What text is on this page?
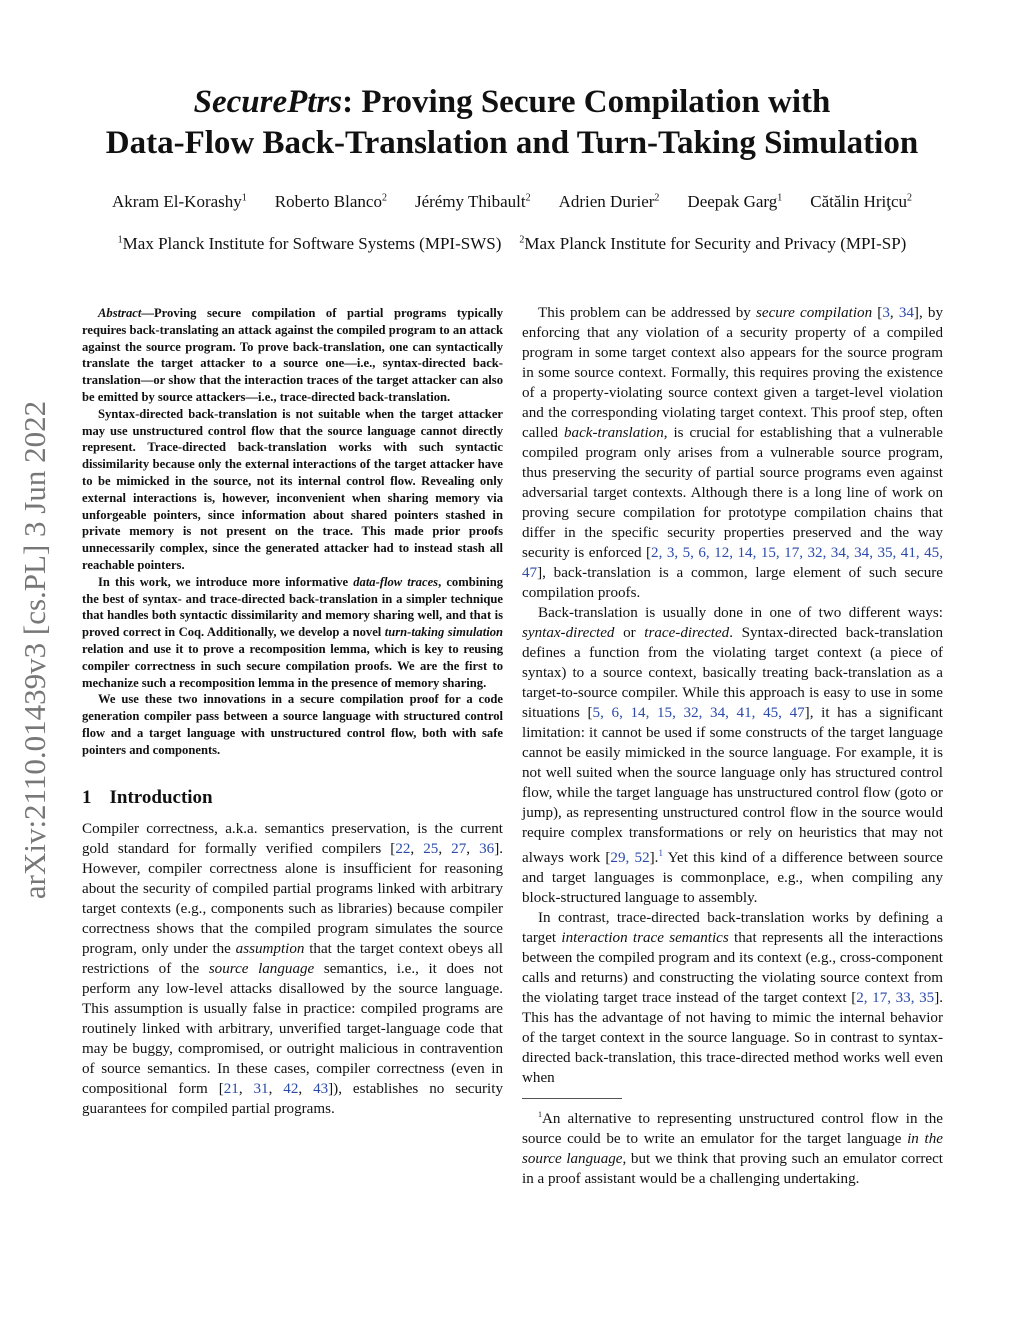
arXiv:2110.01439v3 [cs.PL] 3 Jun 2022
SecurePtrs: Proving Secure Compilation with
Data-Flow Back-Translation and Turn-Taking Simulation
Akram El-Korashy$^1$ Roberto Blanco$^2$ Jérémy Thibault$^2$ Adrien Durier$^2$ Deepak Garg$^1$ Cătălin Hriţcu$^2$
$^1$Max Planck Institute for Software Systems (MPI-SWS) $^2$Max Planck Institute for Security and Privacy (MPI-SP)

Abstract—Proving secure compilation of partial programs typically requires back-translating an attack against the compiled program to an attack against the source program. To prove back-translation, one can syntactically translate the target attacker to a source one—i.e., syntax-directed back-translation—or show that the interaction traces of the target attacker can also be emitted by source attackers—i.e., trace-directed back-translation.

Syntax-directed back-translation is not suitable when the target attacker may use unstructured control flow that the source language cannot directly represent. Trace-directed back-translation works with such syntactic dissimilarity because only the external interactions of the target attacker have to be mimicked in the source, not its internal control flow. Revealing only external interactions is, however, inconvenient when sharing memory via unforgeable pointers, since information about shared pointers stashed in private memory is not present on the trace. This made prior proofs unnecessarily complex, since the generated attacker had to instead stash all reachable pointers.

In this work, we introduce more informative data-flow traces, combining the best of syntax- and trace-directed back-translation in a simpler technique that handles both syntactic dissimilarity and memory sharing well, and that is proved correct in Coq. Additionally, we develop a novel turn-taking simulation relation and use it to prove a recomposition lemma, which is key to reusing compiler correctness in such secure compilation proofs. We are the first to mechanize such a recomposition lemma in the presence of memory sharing.

We use these two innovations in a secure compilation proof for a code generation compiler pass between a source language with structured control flow and a target language with unstructured control flow, both with safe pointers and components.

1 Introduction

Compiler correctness, a.k.a. semantics preservation, is the current gold standard for formally verified compilers [22, 25, 27, 36]. However, compiler correctness alone is insufficient for reasoning about the security of compiled partial programs linked with arbitrary target contexts (e.g., components such as libraries) because compiler correctness shows that the compiled program simulates the source program, only under the assumption that the target context obeys all restrictions of the source language semantics, i.e., it does not perform any low-level attacks disallowed by the source language. This assumption is usually false in practice: compiled programs are routinely linked with arbitrary, unverified target-language code that may be buggy, compromised, or outright malicious in contravention of source semantics. In these cases, compiler correctness (even in compositional form [21, 31, 42, 43]), establishes no security guarantees for compiled partial programs.

This problem can be addressed by secure compilation [3, 34], by enforcing that any violation of a security property of a compiled program in some target context also appears for the source program in some source context. Formally, this requires proving the existence of a property-violating source context given a target-level violation and the corresponding violating target context. This proof step, often called back-translation, is crucial for establishing that a vulnerable compiled program only arises from a vulnerable source program, thus preserving the security of partial source programs even against adversarial target contexts. Although there is a long line of work on proving secure compilation for prototype compilation chains that differ in the specific security properties preserved and the way security is enforced [2, 3, 5, 6, 12, 14, 15, 17, 32, 34, 34, 35, 41, 45, 47], back-translation is a common, large element of such secure compilation proofs.

Back-translation is usually done in one of two different ways: syntax-directed or trace-directed. Syntax-directed back-translation defines a function from the violating target context (a piece of syntax) to a source context, basically treating back-translation as a target-to-source compiler. While this approach is easy to use in some situations [5, 6, 14, 15, 32, 34, 41, 45, 47], it has a significant limitation: it cannot be used if some constructs of the target language cannot be easily mimicked in the source language. For example, it is not well suited when the source language only has structured control flow, while the target language has unstructured control flow (goto or jump), as representing unstructured control flow in the source would require complex transformations or rely on heuristics that may not always work [29, 52].$^1$ Yet this kind of a difference between source and target languages is commonplace, e.g., when compiling any block-structured language to assembly.

In contrast, trace-directed back-translation works by defining a target interaction trace semantics that represents all the interactions between the compiled program and its context (e.g., cross-component calls and returns) and constructing the violating source context from the violating target trace instead of the target context [2, 17, 33, 35]. This has the advantage of not having to mimic the internal behavior of the target context in the source language. So in contrast to syntax-directed back-translation, this trace-directed method works well even when

$^1$An alternative to representing unstructured control flow in the source could be to write an emulator for the target language in the source language, but we think that proving such an emulator correct in a proof assistant would be a challenging undertaking.
